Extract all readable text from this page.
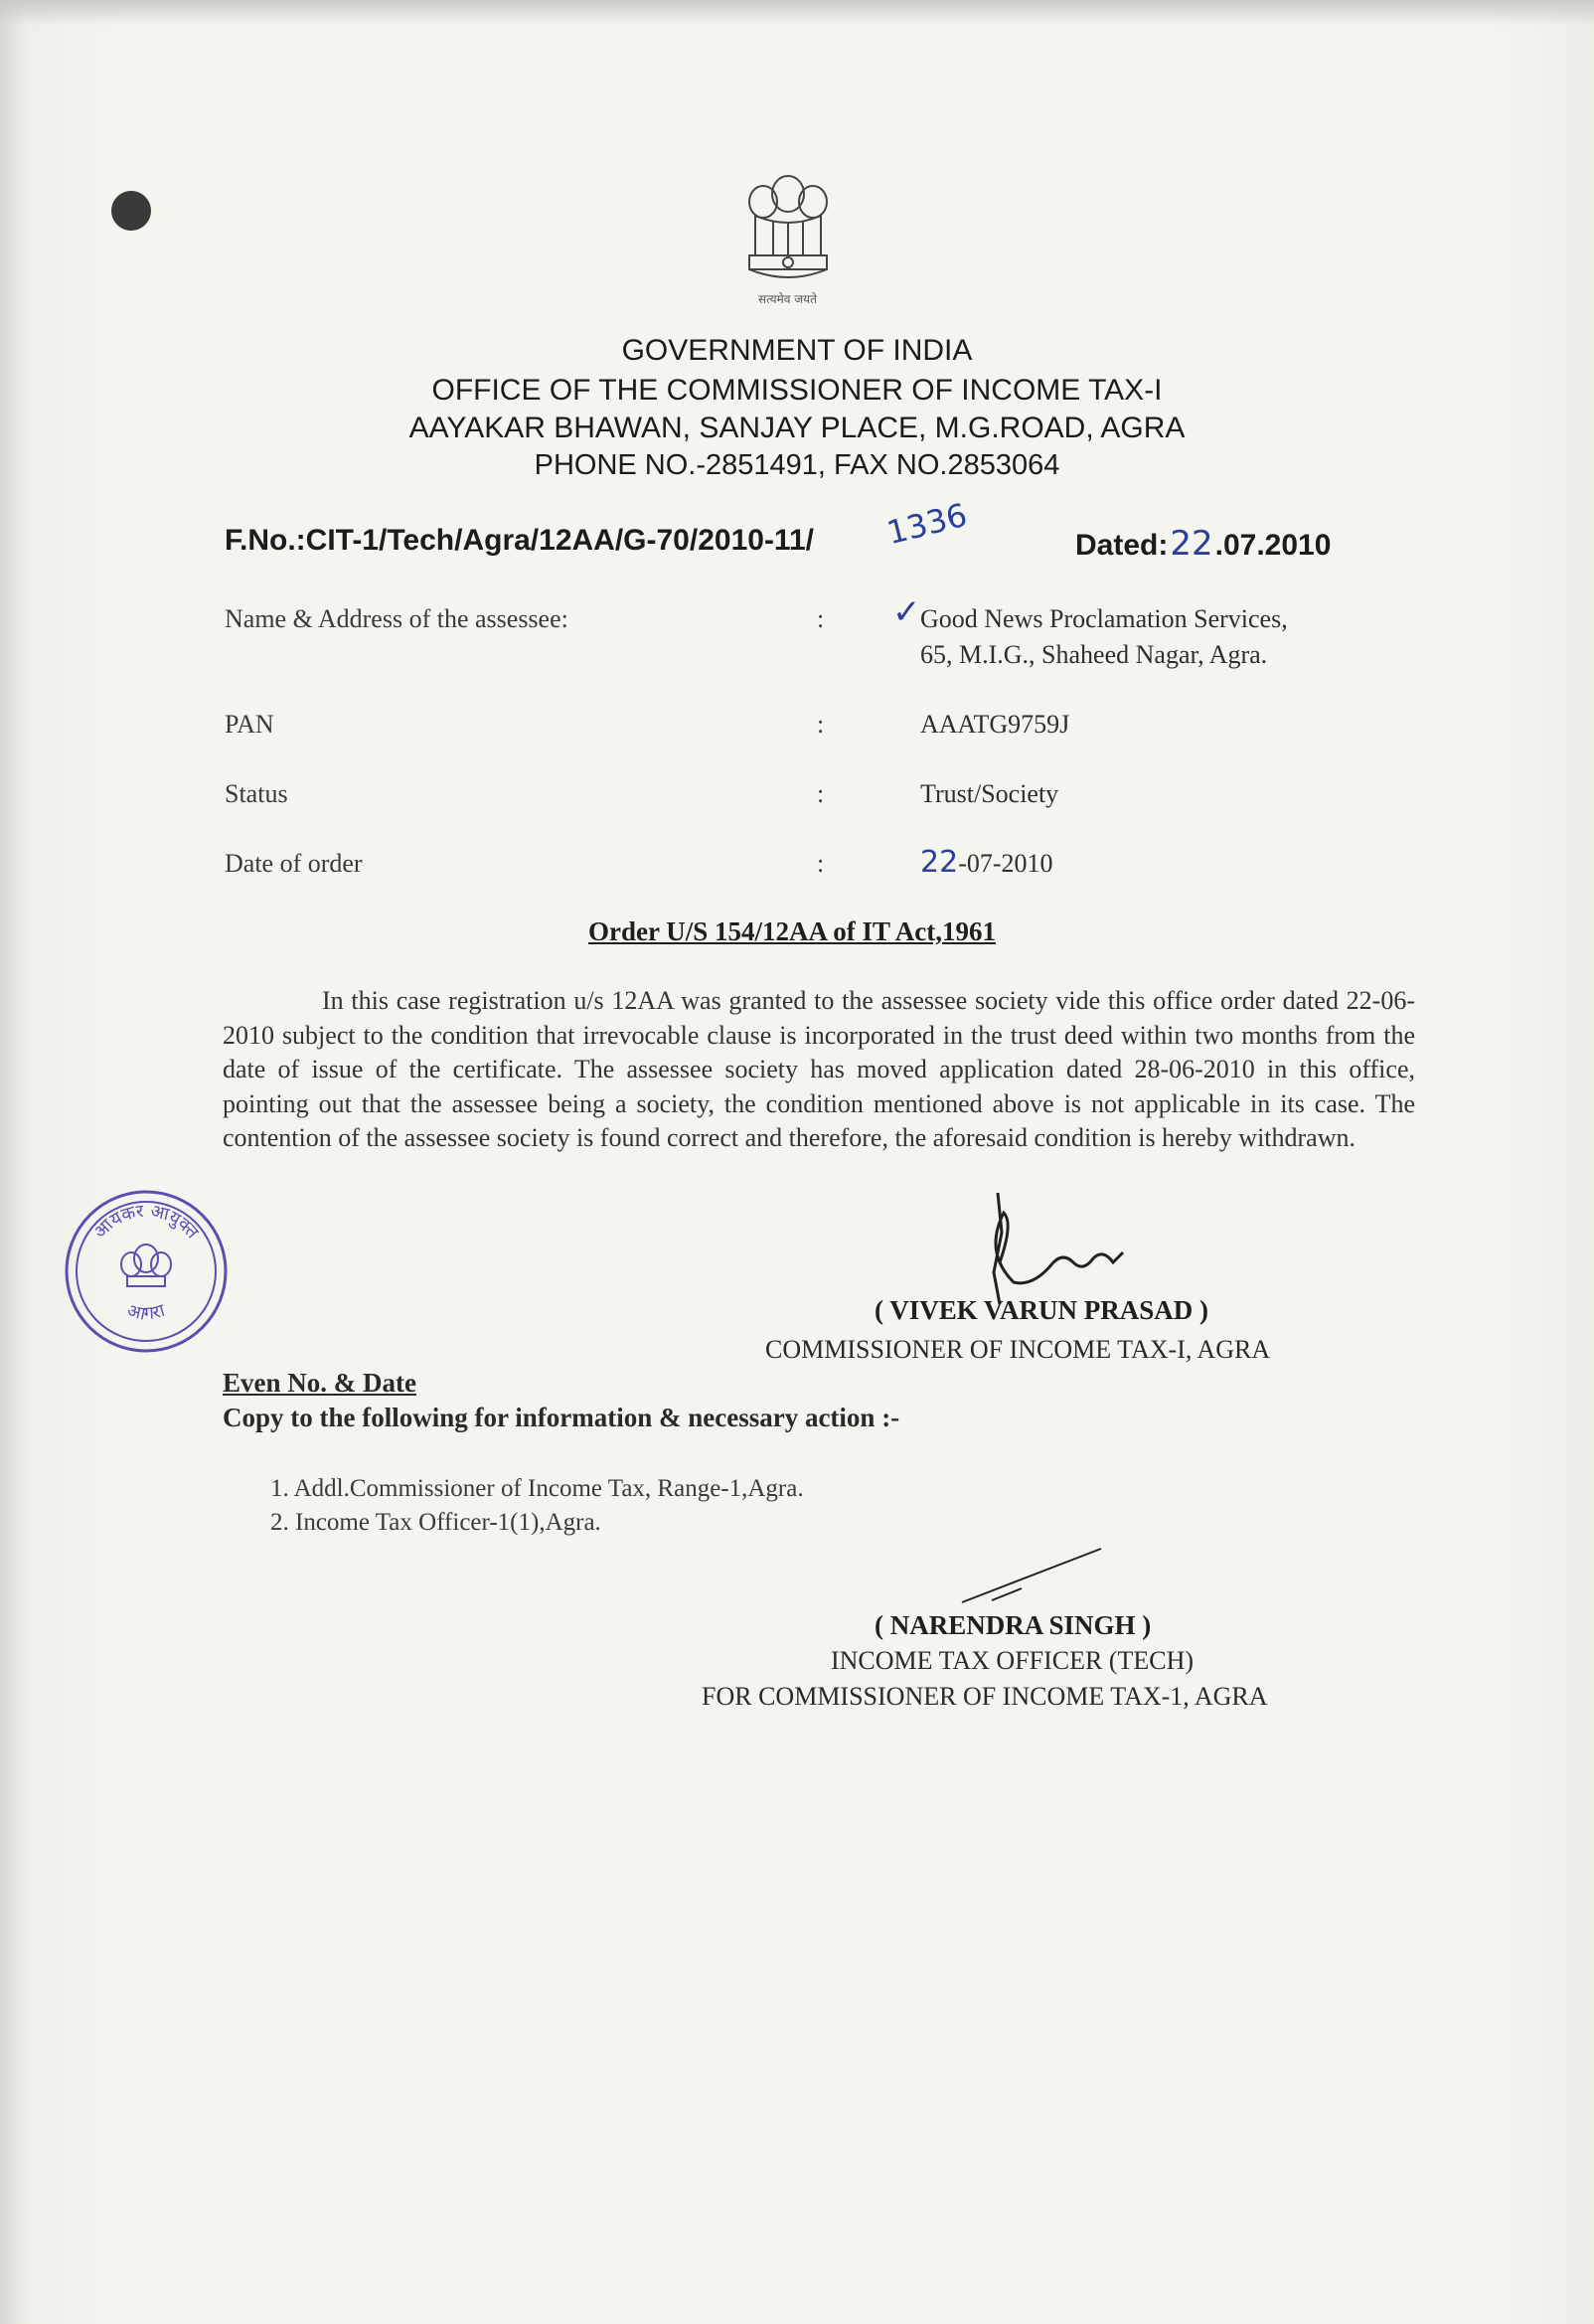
सत्यमेव जयते
GOVERNMENT OF INDIA
OFFICE OF THE COMMISSIONER OF INCOME TAX-I
AAYAKAR BHAWAN, SANJAY PLACE, M.G.ROAD, AGRA
PHONE NO.-2851491, FAX NO.2853064
F.No.:CIT-1/Tech/Agra/12AA/G-70/2010-11/ 1336	Dated:22.07.2010
Name & Address of the assessee:	: ✓ Good News Proclamation Services,
65, M.I.G., Shaheed Nagar, Agra.
PAN	:	AAATG9759J
Status	:	Trust/Society
Date of order	:	22-07-2010
Order U/S 154/12AA of IT Act,1961

In this case registration u/s 12AA was granted to the assessee society vide this office order dated 22-06-2010 subject to the condition that irrevocable clause is incorporated in the trust deed within two months from the date of issue of the certificate. The assessee society has moved application dated 28-06-2010 in this office, pointing out that the assessee being a society, the condition mentioned above is not applicable in its case. The contention of the assessee society is found correct and therefore, the aforesaid condition is hereby withdrawn.

आयकर आयुक्त
आगरा	( VIVEK VARUN PRASAD )
COMMISSIONER OF INCOME TAX-I, AGRA
Even No. & Date
Copy to the following for information & necessary action :-
1. Addl.Commissioner of Income Tax, Range-1,Agra.
2. Income Tax Officer-1(1),Agra.
( NARENDRA SINGH )
INCOME TAX OFFICER (TECH)
FOR COMMISSIONER OF INCOME TAX-1, AGRA
